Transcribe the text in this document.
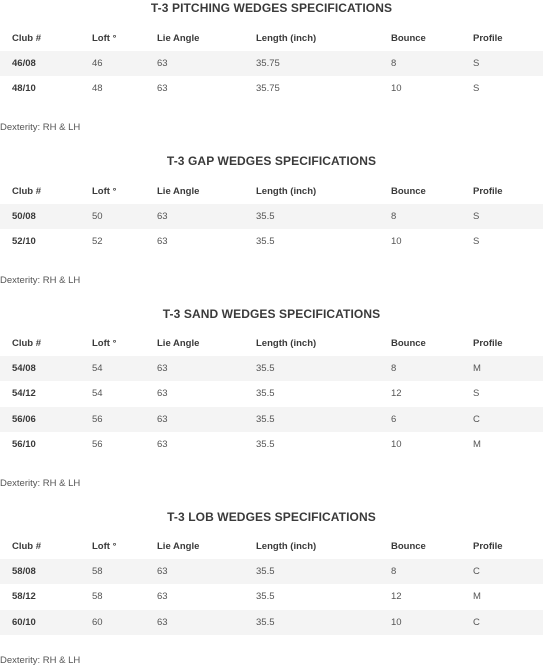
T-3 PITCHING WEDGES SPECIFICATIONS
Club #	Loft °	Lie Angle	Length (inch)	Bounce	Profile
46/08	46	63	35.75	8	S
48/10	48	63	35.75	10	S
Dexterity: RH & LH
T-3 GAP WEDGES SPECIFICATIONS
Club #	Loft °	Lie Angle	Length (inch)	Bounce	Profile
50/08	50	63	35.5	8	S
52/10	52	63	35.5	10	S
Dexterity: RH & LH
T-3 SAND WEDGES SPECIFICATIONS
Club #	Loft °	Lie Angle	Length (inch)	Bounce	Profile
54/08	54	63	35.5	8	M
54/12	54	63	35.5	12	S
56/06	56	63	35.5	6	C
56/10	56	63	35.5	10	M
Dexterity: RH & LH
T-3 LOB WEDGES SPECIFICATIONS
Club #	Loft °	Lie Angle	Length (inch)	Bounce	Profile
58/08	58	63	35.5	8	C
58/12	58	63	35.5	12	M
60/10	60	63	35.5	10	C
Dexterity: RH & LH
